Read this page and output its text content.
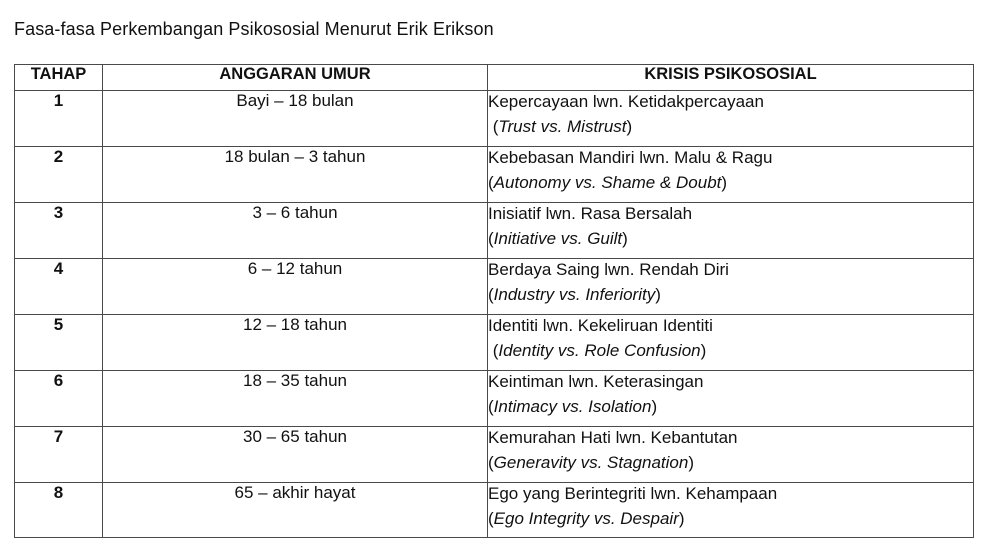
Fasa-fasa Perkembangan Psikososial Menurut Erik Erikson
TAHAP	ANGGARAN UMUR	KRISIS PSIKOSOSIAL
1	Bayi – 18 bulan	Kepercayaan lwn. Ketidakpercayaan
(Trust vs. Mistrust)

2	18 bulan – 3 tahun	Kebebasan Mandiri lwn. Malu & Ragu
(Autonomy vs. Shame & Doubt)

3	3 – 6 tahun	Inisiatif lwn. Rasa Bersalah
(Initiative vs. Guilt)

4	6 – 12 tahun	Berdaya Saing lwn. Rendah Diri
(Industry vs. Inferiority)

5	12 – 18 tahun	Identiti lwn. Kekeliruan Identiti
(Identity vs. Role Confusion)

6	18 – 35 tahun	Keintiman lwn. Keterasingan
(Intimacy vs. Isolation)

7	30 – 65 tahun	Kemurahan Hati lwn. Kebantutan
(Generavity vs. Stagnation)

8	65 – akhir hayat	Ego yang Berintegriti lwn. Kehampaan
(Ego Integrity vs. Despair)
